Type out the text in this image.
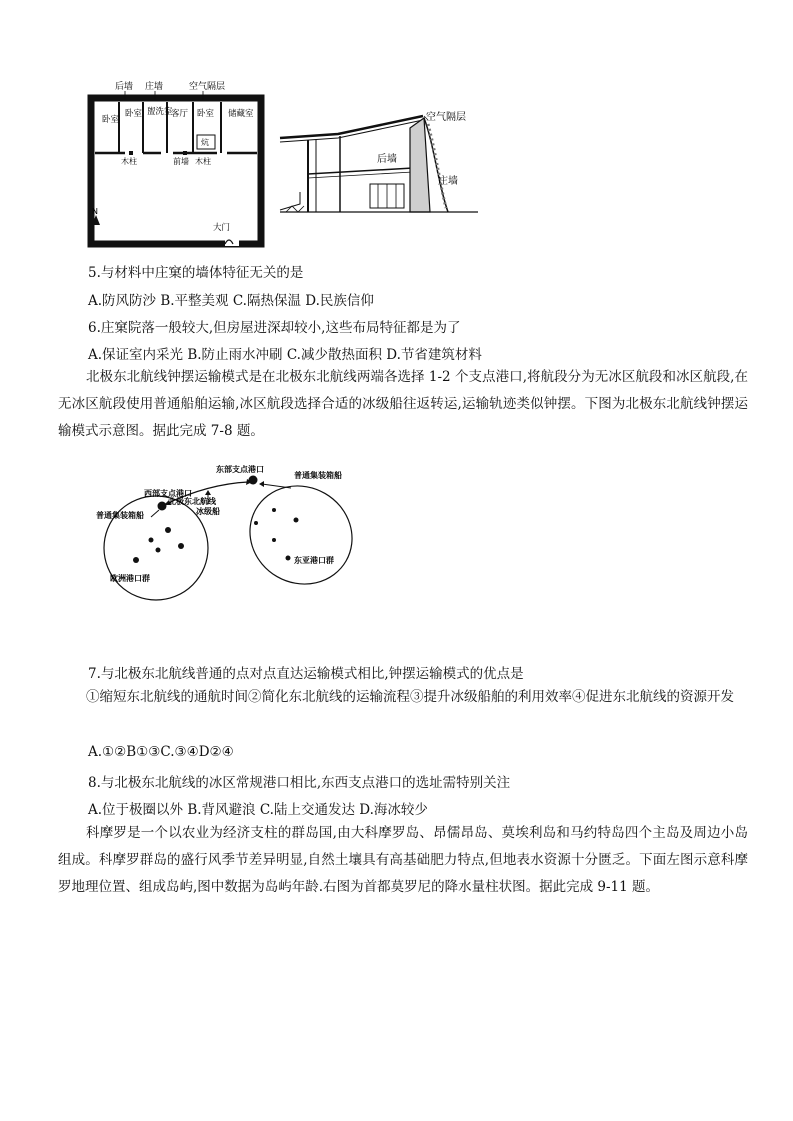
后墙 庄墙	空气隔层
卧室
卧室 盥洗室
客厅 卧室
炕
储藏室
木柱	前墙 木柱
N
大门
空气隔层
后墙
庄墙
5.与材料中庄窠的墙体特征无关的是
A.防风防沙 B.平整美观 C.隔热保温 D.民族信仰
6.庄窠院落一般较大,但房屋进深却较小,这些布局特征都是为了
A.保证室内采光 B.防止雨水冲刷 C.减少散热面积 D.节省建筑材料
北极东北航线钟摆运输模式是在北极东北航线两端各选择 1-2 个支点港口,将航段分为无冰区航段和冰区航段,在无冰区航段使用普通船舶运输,冰区航段选择合适的冰级船往返转运,运输轨迹类似钟摆。下图为北极东北航线钟摆运输模式示意图。据此完成 7-8 题。
西部支点港口
东部支点港口
北极东北航线
冰级船
普通集装箱船
普通集装箱船
欧洲港口群
东亚港口群
7.与北极东北航线普通的点对点直达运输模式相比,钟摆运输模式的优点是
①缩短东北航线的通航时间②简化东北航线的运输流程③提升冰级船舶的利用效率④促进东北航线的资源开发
A.①②B①③C.③④D②④
8.与北极东北航线的冰区常规港口相比,东西支点港口的选址需特别关注
A.位于极圈以外 B.背风避浪 C.陆上交通发达 D.海冰较少
科摩罗是一个以农业为经济支柱的群岛国,由大科摩罗岛、昂儒昂岛、莫埃利岛和马约特岛四个主岛及周边小岛组成。科摩罗群岛的盛行风季节差异明显,自然土壤具有高基础肥力特点,但地表水资源十分匮乏。下面左图示意科摩罗地理位置、组成岛屿,图中数据为岛屿年龄.右图为首都莫罗尼的降水量柱状图。据此完成 9-11 题。
